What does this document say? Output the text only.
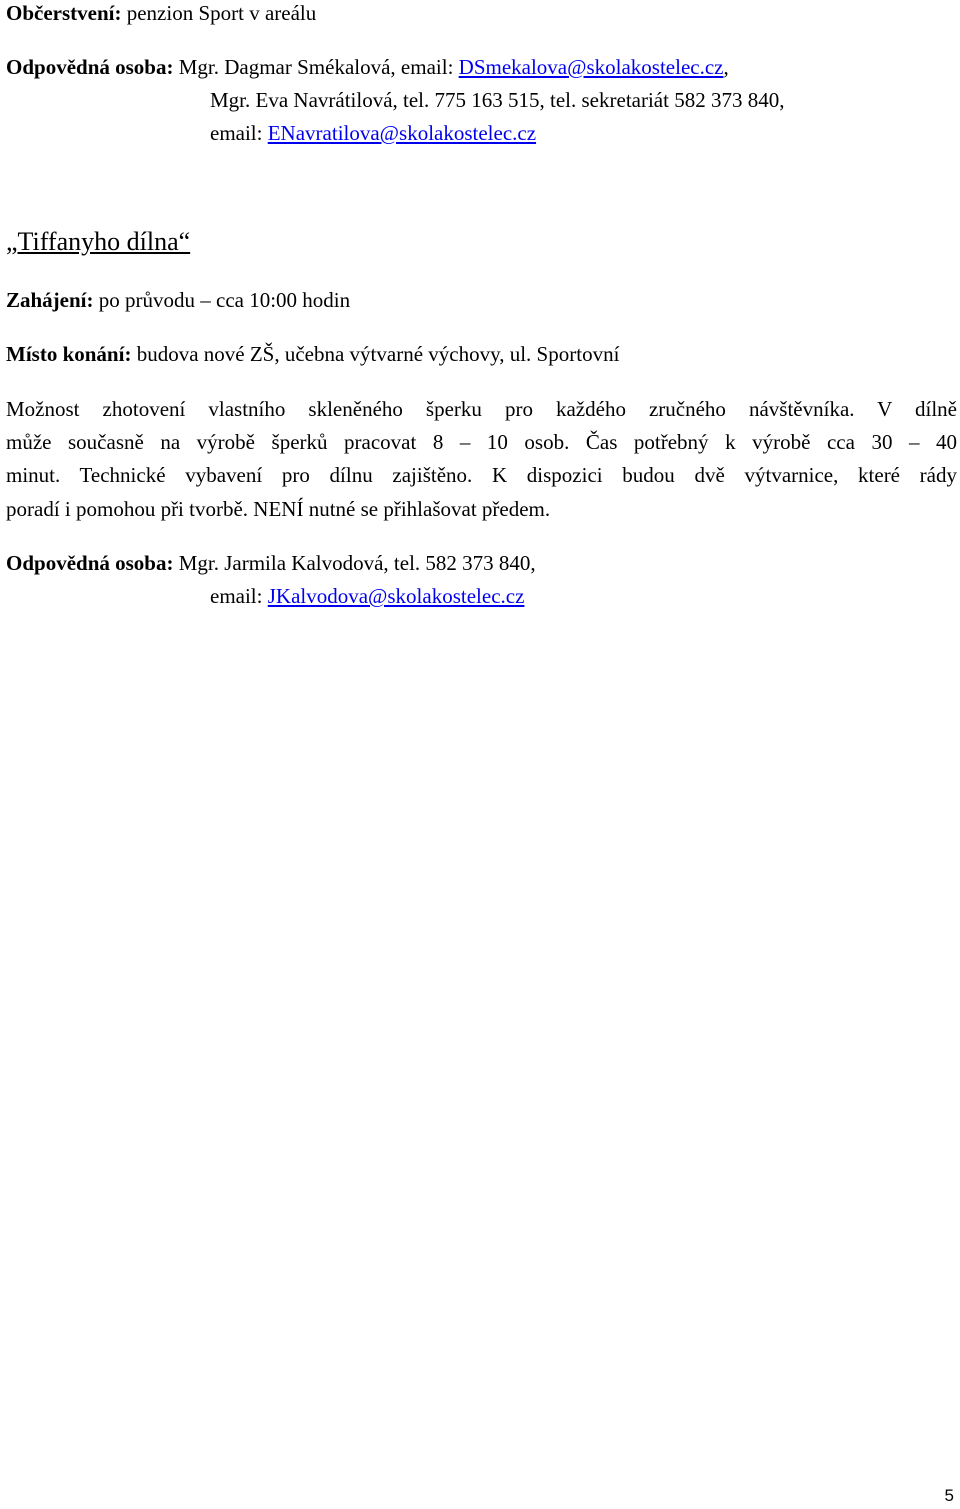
Občerstvení: penzion Sport v areálu
Odpovědná osoba: Mgr. Dagmar Smékalová, email: DSmekalova@skolakostelec.cz,
Mgr. Eva Navrátilová, tel. 775 163 515, tel. sekretariát 582 373 840,
email: ENavratilova@skolakostelec.cz
„Tiffanyho dílna“
Zahájení: po průvodu – cca 10:00 hodin
Místo konání: budova nové ZŠ, učebna výtvarné výchovy, ul. Sportovní
Možnost zhotovení vlastního skleněného šperku pro každého zručného návštěvníka. V dílně
může současně na výrobě šperků pracovat 8 – 10 osob. Čas potřebný k výrobě cca 30 – 40
minut. Technické vybavení pro dílnu zajištěno. K dispozici budou dvě výtvarnice, které rády
poradí i pomohou při tvorbě. NENÍ nutné se přihlašovat předem.
Odpovědná osoba: Mgr. Jarmila Kalvodová, tel. 582 373 840,
email: JKalvodova@skolakostelec.cz
5
